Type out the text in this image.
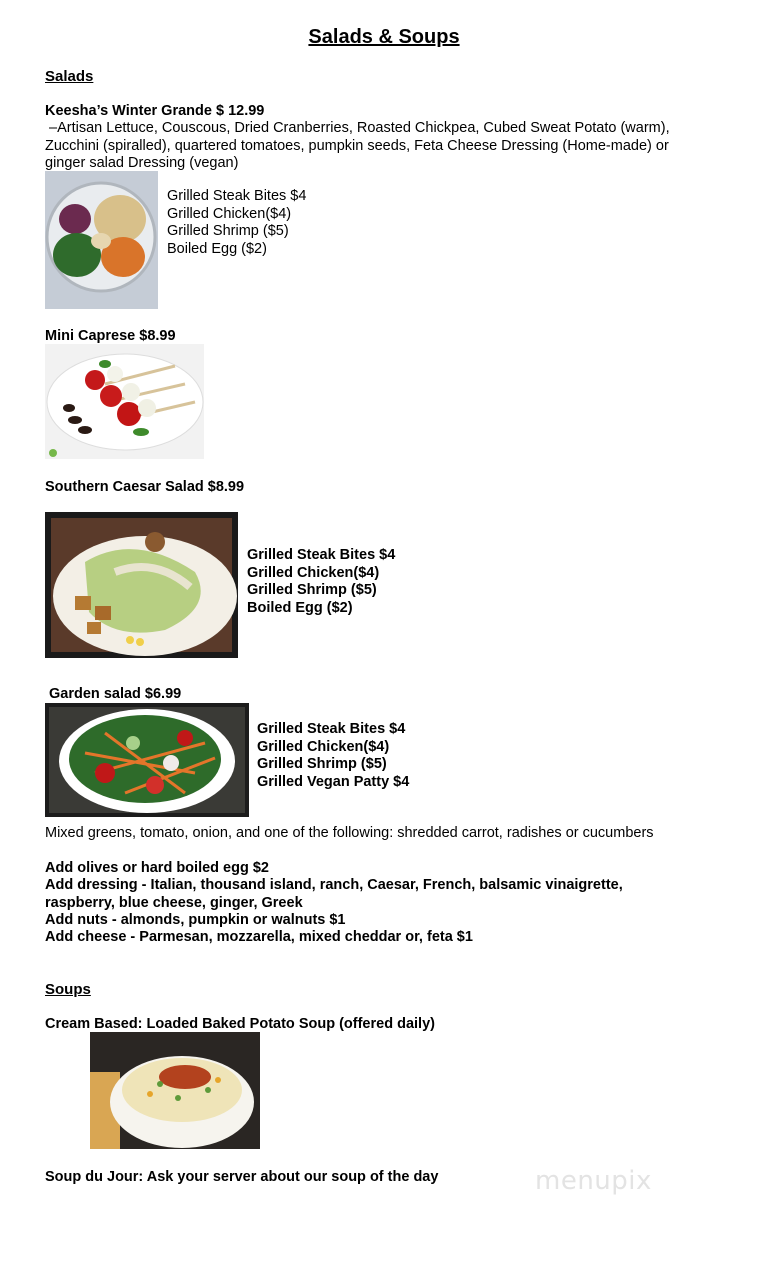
Salads & Soups
Salads
Keesha’s Winter Grande $ 12.99
–Artisan Lettuce, Couscous, Dried Cranberries, Roasted Chickpea, Cubed Sweat Potato (warm),
Zucchini (spiralled), quartered tomatoes, pumpkin seeds, Feta Cheese Dressing (Home-made) or
ginger salad Dressing (vegan)
Grilled Steak Bites $4
Grilled Chicken($4)
Grilled Shrimp ($5)
Boiled Egg ($2)
Mini Caprese $8.99
Southern Caesar Salad $8.99
Grilled Steak Bites $4
Grilled Chicken($4)
Grilled Shrimp ($5)
Boiled Egg ($2)
Garden salad $6.99
Grilled Steak Bites $4
Grilled Chicken($4)
Grilled Shrimp ($5)
Grilled Vegan Patty $4
Mixed greens, tomato, onion, and one of the following: shredded carrot, radishes or cucumbers
Add olives or hard boiled egg $2
Add dressing - Italian, thousand island, ranch, Caesar, French, balsamic vinaigrette,
raspberry, blue cheese, ginger, Greek
Add nuts - almonds, pumpkin or walnuts $1
Add cheese - Parmesan, mozzarella, mixed cheddar or, feta $1
Soups
Cream Based: Loaded Baked Potato Soup (offered daily)
Soup du Jour: Ask your server about our soup of the day	menupix
